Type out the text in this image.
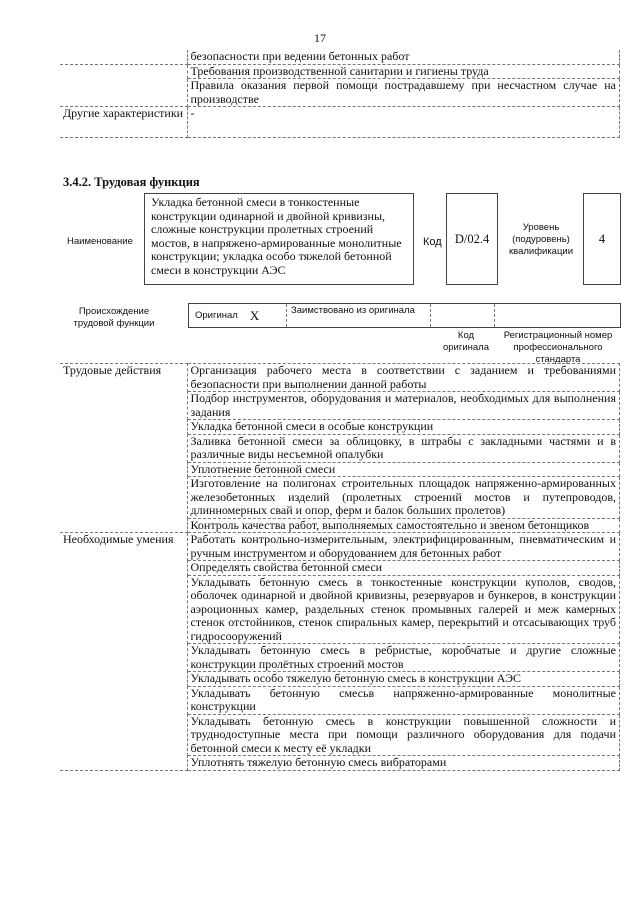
17
	безопасности при ведении бетонных работ
	Требования производственной санитарии и гигиены труда
	Правила оказания первой помощи пострадавшему при несчастном случае на производстве
Другие характеристики	-
3.4.2. Трудовая функция
Наименование
Укладка бетонной смеси в тонкостенные конструкции одинарной и двойной кривизны, сложные конструкции пролетных строений мостов, в напряжено-армированные монолитные конструкции; укладка особо тяжелой бетонной смеси в конструкции АЭС
Код D/02.4
Уровень (подуровень) квалификации
4
Происхождение трудовой функции
Оригинал X	Заимствовано из оригинала
Код оригинала
Регистрационный номер профессионального стандарта
Трудовые действия	Организация рабочего места в соответствии с заданием и требованиями безопасности при выполнении данной работы
	Подбор инструментов, оборудования и материалов, необходимых для выполнения задания
	Укладка бетонной смеси в особые конструкции
	Заливка бетонной смеси за облицовку, в штрабы с закладными частями и в различные виды несъемной опалубки
	Уплотнение бетонной смеси
	Изготовление на полигонах строительных площадок напряженно-армированных железобетонных изделий (пролетных строений мостов и путепроводов, длинномерных свай и опор, ферм и балок больших пролетов)
	Контроль качества работ, выполняемых самостоятельно и звеном бетонщиков
Необходимые умения	Работать контрольно-измерительным, электрифицированным, пневматическим и ручным инструментом и оборудованием для бетонных работ
	Определять свойства бетонной смеси
	Укладывать бетонную смесь в тонкостенные конструкции куполов, сводов, оболочек одинарной и двойной кривизны, резервуаров и бункеров, в конструкции аэроционных камер, раздельных стенок промывных галерей и меж камерных стенок отстойников, стенок спиральных камер, перекрытий и отсасывающих труб гидросооружений
	Укладывать бетонную смесь в ребристые, коробчатые и другие сложные конструкции пролётных строений мостов
	Укладывать особо тяжелую бетонную смесь в конструкции АЭС
	Укладывать бетонную смесьв напряженно-армированные монолитные конструкции
	Укладывать бетонную смесь в конструкции повышенной сложности и труднодоступные места при помощи различного оборудования для подачи бетонной смеси к месту её укладки
	Уплотнять тяжелую бетонную смесь вибраторами
